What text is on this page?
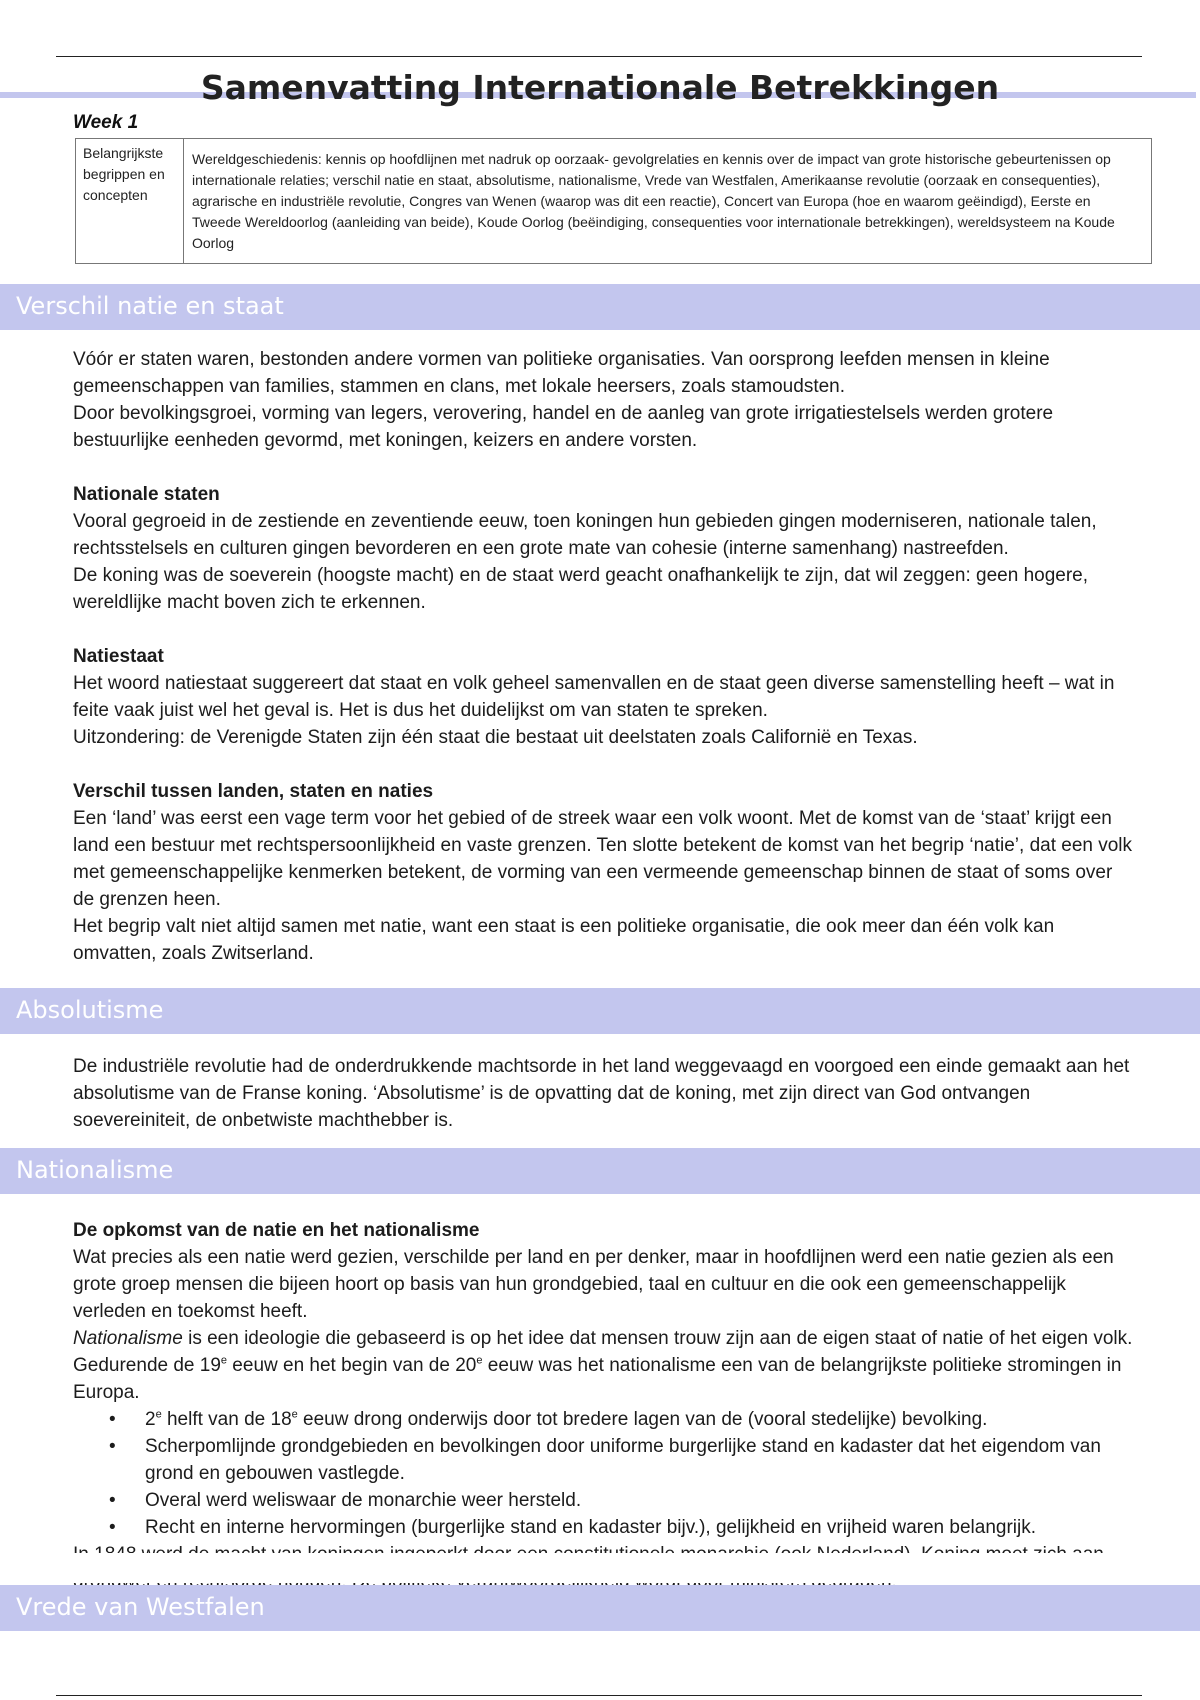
Samenvatting Internationale Betrekkingen
Week 1
Belangrijkste begrippen en concepten
Wereldgeschiedenis: kennis op hoofdlijnen met nadruk op oorzaak- gevolgrelaties en kennis over de impact van grote historische gebeurtenissen op internationale relaties; verschil natie en staat, absolutisme, nationalisme, Vrede van Westfalen, Amerikaanse revolutie (oorzaak en consequenties), agrarische en industriële revolutie, Congres van Wenen (waarop was dit een reactie), Concert van Europa (hoe en waarom geëindigd), Eerste en Tweede Wereldoorlog (aanleiding van beide), Koude Oorlog (beëindiging, consequenties voor internationale betrekkingen), wereldsysteem na Koude Oorlog
Verschil natie en staat

Vóór er staten waren, bestonden andere vormen van politieke organisaties. Van oorsprong leefden mensen in kleine gemeenschappen van families, stammen en clans, met lokale heersers, zoals stamoudsten.

Door bevolkingsgroei, vorming van legers, verovering, handel en de aanleg van grote irrigatiestelsels werden grotere bestuurlijke eenheden gevormd, met koningen, keizers en andere vorsten.

Nationale staten

Vooral gegroeid in de zestiende en zeventiende eeuw, toen koningen hun gebieden gingen moderniseren, nationale talen, rechtsstelsels en culturen gingen bevorderen en een grote mate van cohesie (interne samenhang) nastreefden.

De koning was de soeverein (hoogste macht) en de staat werd geacht onafhankelijk te zijn, dat wil zeggen: geen hogere, wereldlijke macht boven zich te erkennen.

Natiestaat

Het woord natiestaat suggereert dat staat en volk geheel samenvallen en de staat geen diverse samenstelling heeft – wat in feite vaak juist wel het geval is. Het is dus het duidelijkst om van staten te spreken.

Uitzondering: de Verenigde Staten zijn één staat die bestaat uit deelstaten zoals Californië en Texas.

Verschil tussen landen, staten en naties

Een ‘land’ was eerst een vage term voor het gebied of de streek waar een volk woont. Met de komst van de ‘staat’ krijgt een land een bestuur met rechtspersoonlijkheid en vaste grenzen. Ten slotte betekent de komst van het begrip ‘natie’, dat een volk met gemeenschappelijke kenmerken betekent, de vorming van een vermeende gemeenschap binnen de staat of soms over de grenzen heen.

Het begrip valt niet altijd samen met natie, want een staat is een politieke organisatie, die ook meer dan één volk kan omvatten, zoals Zwitserland.

Absolutisme

De industriële revolutie had de onderdrukkende machtsorde in het land weggevaagd en voorgoed een einde gemaakt aan het absolutisme van de Franse koning. ‘Absolutisme’ is de opvatting dat de koning, met zijn direct van God ontvangen soevereiniteit, de onbetwiste machthebber is.

Nationalisme

De opkomst van de natie en het nationalisme

Wat precies als een natie werd gezien, verschilde per land en per denker, maar in hoofdlijnen werd een natie gezien als een grote groep mensen die bijeen hoort op basis van hun grondgebied, taal en cultuur en die ook een gemeenschappelijk verleden en toekomst heeft.

Nationalisme is een ideologie die gebaseerd is op het idee dat mensen trouw zijn aan de eigen staat of natie of het eigen volk. Gedurende de 19e eeuw en het begin van de 20e eeuw was het nationalisme een van de belangrijkste politieke stromingen in Europa.

• 2e helft van de 18e eeuw drong onderwijs door tot bredere lagen van de (vooral stedelijke) bevolking.
• Scherpomlijnde grondgebieden en bevolkingen door uniforme burgerlijke stand en kadaster dat het eigendom van grond en gebouwen vastlegde.
• Overal werd weliswaar de monarchie weer hersteld.
• Recht en interne hervormingen (burgerlijke stand en kadaster bijv.), gelijkheid en vrijheid waren belangrijk.

Vrede van Westfalen
